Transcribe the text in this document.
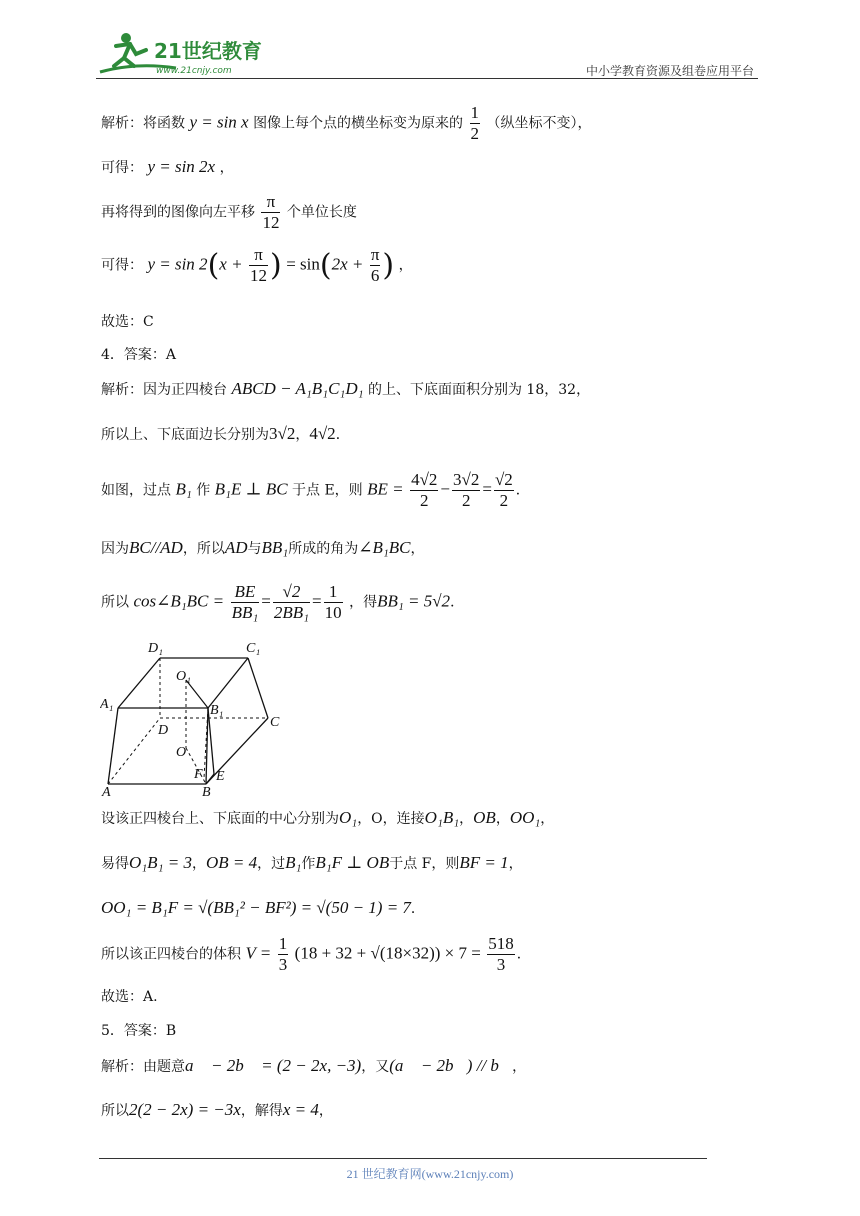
21世纪教育
www.21cnjy.com	中小学教育资源及组卷应用平台
解析：将函数 y = sin x 图像上每个点的横坐标变为原来的 $\frac{1}{2}$ （纵坐标不变），
可得： y = sin 2x ，
再将得到的图像向左平移 $\frac{\pi}{12}$ 个单位长度
可得： $y = \sin 2(x + \frac{\pi}{12}$ ) = $\sin(2x + \frac{\pi}{6}$ ) ，
故选：C
4．答案：A
解析：因为正四棱台 ABCD − A₁B₁C₁D₁ 的上、下底面面积分别为 18，32，
所以上、下底面边长分别为3√2，4√2．
如图，过点 B₁ 作 B₁E ⊥ BC 于点 E，则 BE = $\frac{4√2}{2} - \frac{3√2}{2} = \frac{√2}{2}$ ．
因为BC//AD，所以AD与BB₁所成的角为∠B₁BC，
所以 cos∠B₁BC = $\frac{BE}{\text{BB₁}} = \frac{√2}{\text{2BB₁}} = \frac{1}{10}$ ，得BB₁ = 5√2．
D₁	C₁
O₁
A₁	B₁
C
D
O
F E
A	B
设该正四棱台上、下底面的中心分别为O₁，O，连接O₁B₁，OB，OO₁，
易得O₁B₁ = 3，OB = 4，过B₁作B₁F ⊥ OB于点 F，则BF = 1，
OO₁ = B₁F = √(BB₁² − BF²) = √(50 − 1) = 7．
所以该正四棱台的体积 $V = \frac{1}{3} (18 + 32 + √(18\times 32)) \times 7 = \frac{518}{3}$ ．
故选：A.
5．答案：B
解析：由题意a⃗ − 2b⃗ = (2 − 2x, −3)，又(a⃗ − 2b⃗) // b⃗，
所以2(2 − 2x) = −3x，解得x = 4，
21 世纪教育网(www.21cnjy.com)
